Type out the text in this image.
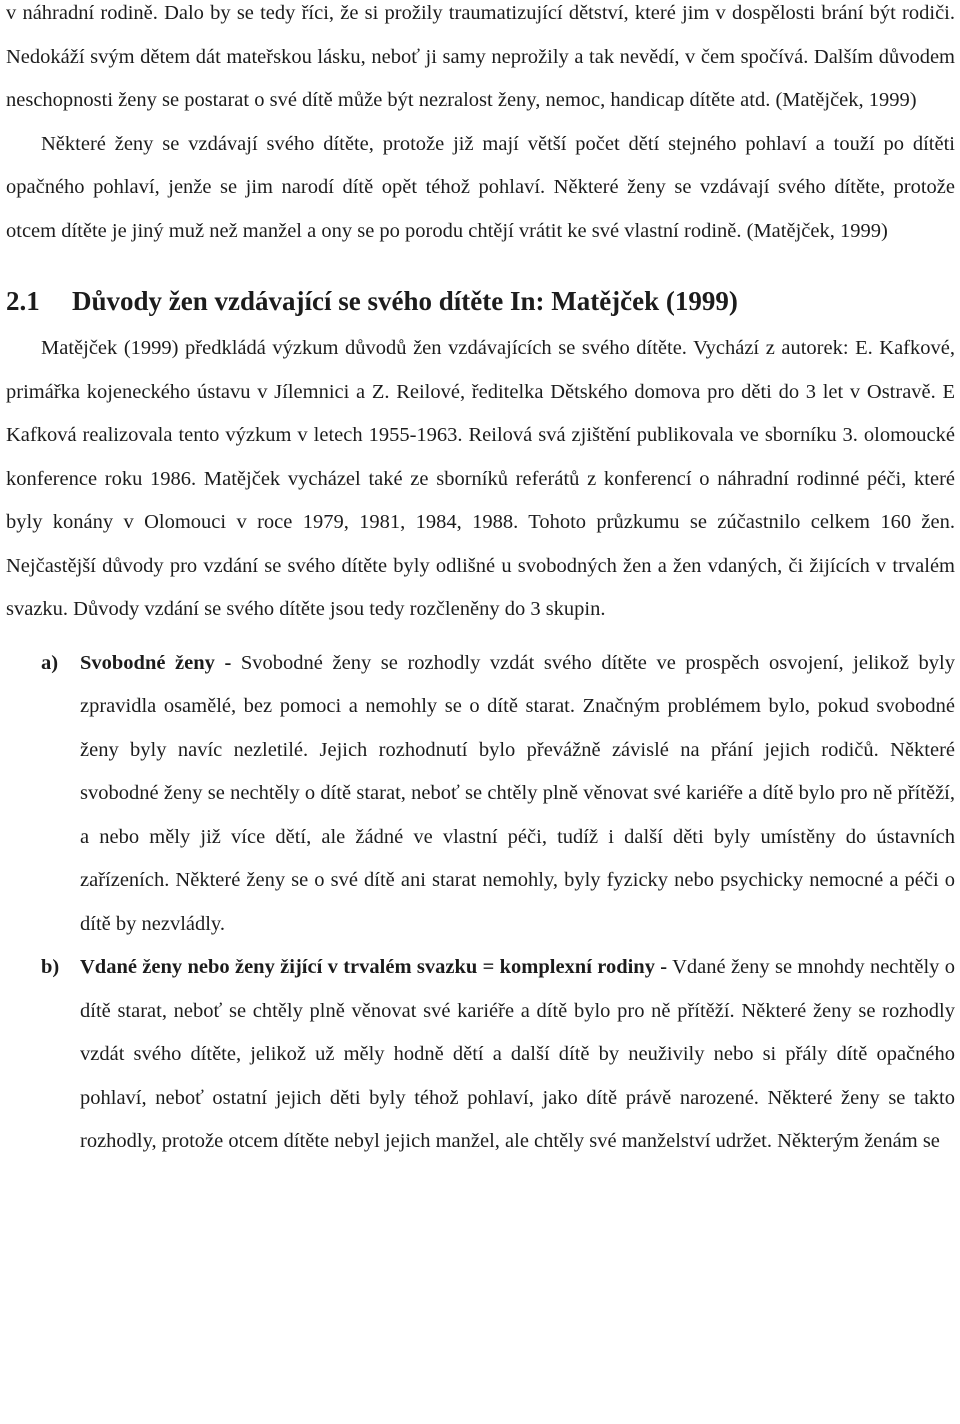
v náhradní rodině. Dalo by se tedy říci, že si prožily traumatizující dětství, které jim v dospělosti brání být rodiči. Nedokáží svým dětem dát mateřskou lásku, neboť ji samy neprožily a tak nevědí, v čem spočívá. Dalším důvodem neschopnosti ženy se postarat o své dítě může být nezralost ženy, nemoc, handicap dítěte atd. (Matějček, 1999)

Některé ženy se vzdávají svého dítěte, protože již mají větší počet dětí stejného pohlaví a touží po dítěti opačného pohlaví, jenže se jim narodí dítě opět téhož pohlaví. Některé ženy se vzdávají svého dítěte, protože otcem dítěte je jiný muž než manžel a ony se po porodu chtějí vrátit ke své vlastní rodině. (Matějček, 1999)

2.1 Důvody žen vzdávající se svého dítěte In: Matějček (1999)

Matějček (1999) předkládá výzkum důvodů žen vzdávajících se svého dítěte. Vychází z autorek: E. Kafkové, primářka kojeneckého ústavu v Jílemnici a Z. Reilové, ředitelka Dětského domova pro děti do 3 let v Ostravě. E Kafková realizovala tento výzkum v letech 1955-1963. Reilová svá zjištění publikovala ve sborníku 3. olomoucké konference roku 1986. Matějček vycházel také ze sborníků referátů z konferencí o náhradní rodinné péči, které byly konány v Olomouci v roce 1979, 1981, 1984, 1988. Tohoto průzkumu se zúčastnilo celkem 160 žen. Nejčastější důvody pro vzdání se svého dítěte byly odlišné u svobodných žen a žen vdaných, či žijících v trvalém svazku. Důvody vzdání se svého dítěte jsou tedy rozčleněny do 3 skupin.

a) Svobodné ženy - Svobodné ženy se rozhodly vzdát svého dítěte ve prospěch osvojení, jelikož byly zpravidla osamělé, bez pomoci a nemohly se o dítě starat. Značným problémem bylo, pokud svobodné ženy byly navíc nezletilé. Jejich rozhodnutí bylo převážně závislé na přání jejich rodičů. Některé svobodné ženy se nechtěly o dítě starat, neboť se chtěly plně věnovat své kariéře a dítě bylo pro ně přítěží, a nebo měly již více dětí, ale žádné ve vlastní péči, tudíž i další děti byly umístěny do ústavních zařízeních. Některé ženy se o své dítě ani starat nemohly, byly fyzicky nebo psychicky nemocné a péči o dítě by nezvládly.
b) Vdané ženy nebo ženy žijící v trvalém svazku = komplexní rodiny - Vdané ženy se mnohdy nechtěly o dítě starat, neboť se chtěly plně věnovat své kariéře a dítě bylo pro ně přítěží. Některé ženy se rozhodly vzdát svého dítěte, jelikož už měly hodně dětí a další dítě by neuživily nebo si přály dítě opačného pohlaví, neboť ostatní jejich děti byly téhož pohlaví, jako dítě právě narozené. Některé ženy se takto rozhodly, protože otcem dítěte nebyl jejich manžel, ale chtěly své manželství udržet. Některým ženám se
